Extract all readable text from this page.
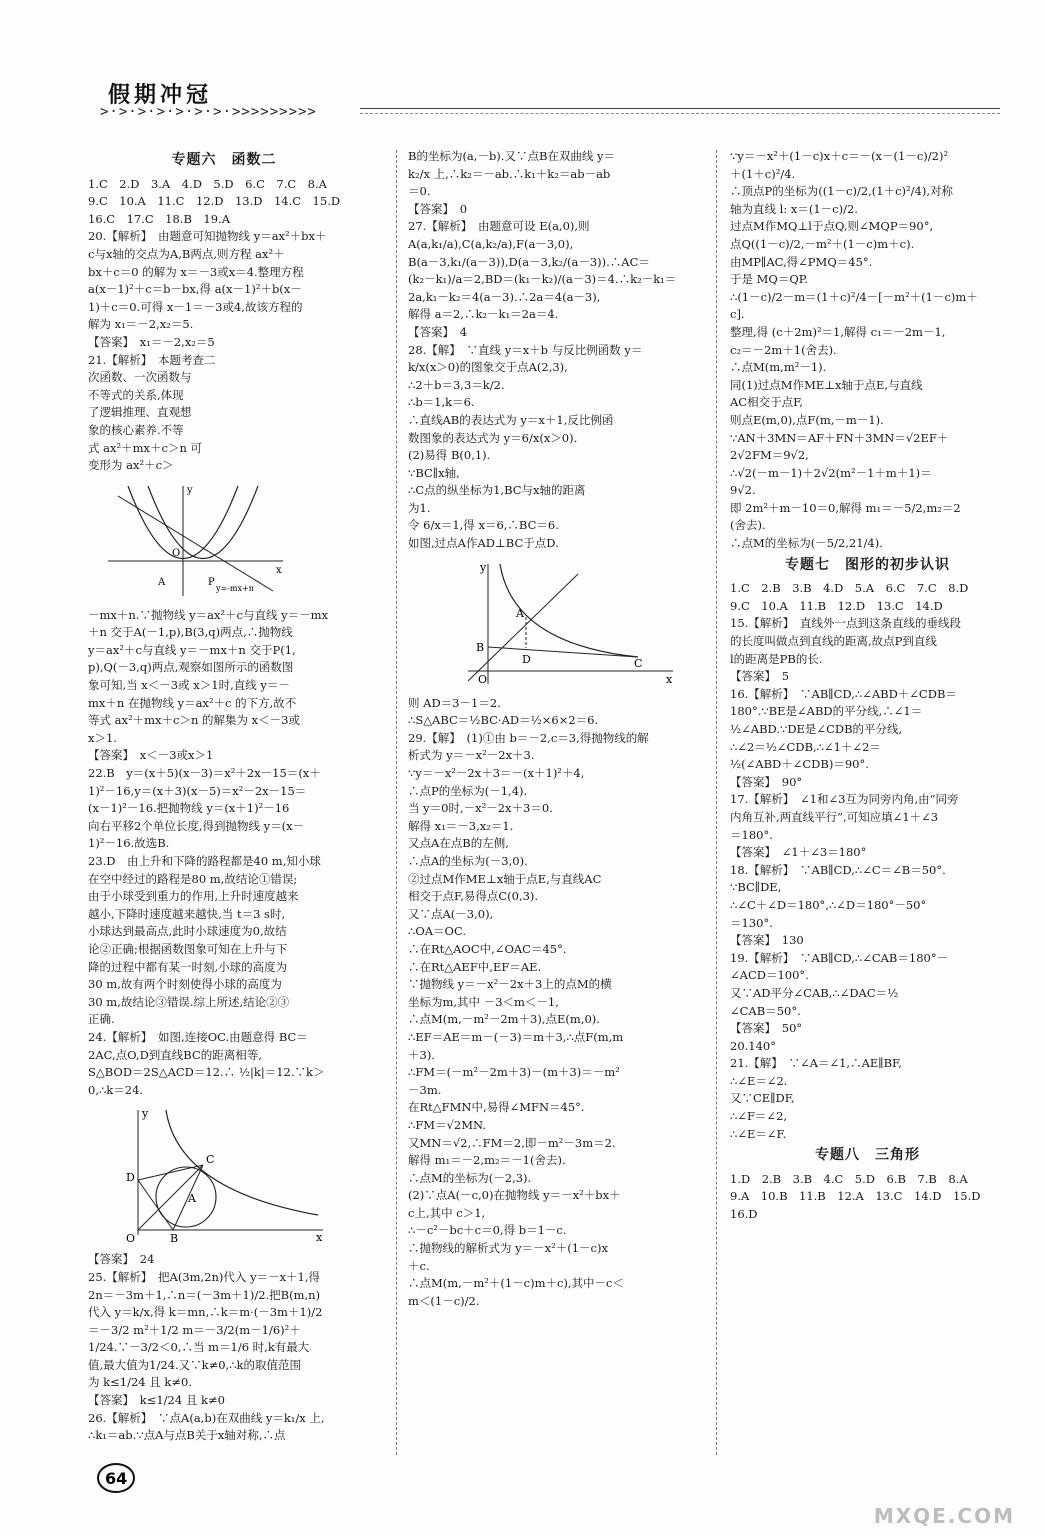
假期冲冠
>·>·>·>·>·>·>·>>>>>>>>>
专题六　函数二

1.C　2.D　3.A　4.D　5.D　6.C　7.C　8.A

9.C　10.A　11.C　12.D　13.D　14.C　15.D

16.C　17.C　18.B　19.A

20.【解析】　由题意可知抛物线 y＝ax²＋bx＋

c与x轴的交点为A,B两点,则方程 ax²＋

bx＋c＝0 的解为 x＝－3或x＝4.整理方程

a(x－1)²＋c＝b－bx,得 a(x－1)²＋b(x－

1)＋c＝0.可得 x－1＝－3或4,故该方程的

解为 x₁＝－2,x₂＝5.

【答案】　x₁＝－2,x₂＝5

21.【解析】　本题考查二

次函数、一次函数与

不等式的关系,体现

了逻辑推理、直观想

象的核心素养.不等

式 ax²＋mx＋c＞n 可

变形为 ax²＋c＞

y
x
O
A	P
y=-mx+n

－mx＋n.∵抛物线 y＝ax²＋c与直线 y＝－mx

＋n 交于A(－1,p),B(3,q)两点,∴抛物线

y＝ax²＋c与直线 y＝－mx＋n 交于P(1,

p),Q(－3,q)两点,观察如图所示的函数图

象可知,当 x＜－3或 x＞1时,直线 y＝－

mx＋n 在抛物线 y＝ax²＋c 的下方,故不

等式 ax²＋mx＋c＞n 的解集为 x＜－3或

x＞1.

【答案】　x＜－3或x＞1

22.B　y＝(x＋5)(x－3)＝x²＋2x－15＝(x＋

1)²－16,y＝(x＋3)(x－5)＝x²－2x－15＝

(x－1)²－16.把抛物线 y＝(x＋1)²－16

向右平移2个单位长度,得到抛物线 y＝(x－

1)²－16.故选B.

23.D　由上升和下降的路程都是40 m,知小球

在空中经过的路程是80 m,故结论①错误;

由于小球受到重力的作用,上升时速度越来

越小,下降时速度越来越快,当 t＝3 s时,

小球达到最高点,此时小球速度为0,故结

论②正确;根据函数图象可知在上升与下

降的过程中都有某一时刻,小球的高度为

30 m,故有两个时刻使得小球的高度为

30 m,故结论③错误.综上所述,结论②③

正确.

24.【解析】　如图,连接OC.由题意得 BC＝

2AC,点O,D到直线BC的距离相等,

S△BOD＝2S△ACD＝12.∴ ½|k|＝12.∵k＞

0,∴k＝24.

y
x
O
D
C
A
B

【答案】　24

25.【解析】　把A(3m,2n)代入 y＝－x＋1,得

2n＝－3m＋1,∴n＝(－3m＋1)/2.把B(m,n)

代入 y＝k/x,得 k＝mn,∴k＝m·(－3m＋1)/2

＝－3/2 m²＋1/2 m＝－3/2(m－1/6)²＋

1/24.∵－3/2＜0,∴当 m＝1/6 时,k有最大

值,最大值为1/24.又∵k≠0,∴k的取值范围

为 k≤1/24 且 k≠0.

【答案】　k≤1/24 且 k≠0

26.【解析】　∵点A(a,b)在双曲线 y＝k₁/x 上,

∴k₁＝ab.∵点A与点B关于x轴对称,∴点

B的坐标为(a,－b).又∵点B在双曲线 y＝

k₂/x 上,∴k₂＝－ab.∴k₁＋k₂＝ab－ab

＝0.

【答案】　0

27.【解析】　由题意可设 E(a,0),则

A(a,k₁/a),C(a,k₂/a),F(a－3,0),

B(a－3,k₁/(a－3)),D(a－3,k₂/(a－3)).∴AC＝

(k₂－k₁)/a＝2,BD＝(k₁－k₂)/(a－3)＝4.∴k₂－k₁＝

2a,k₁－k₂＝4(a－3).∴2a＝4(a－3),

解得 a＝2,∴k₂－k₁＝2a＝4.

【答案】　4

28.【解】　∵直线 y＝x＋b 与反比例函数 y＝

k/x(x＞0)的图象交于点A(2,3),

∴2＋b＝3,3＝k/2.

∴b＝1,k＝6.

∴直线AB的表达式为 y＝x＋1,反比例函

数图象的表达式为 y＝6/x(x＞0).

(2)易得 B(0,1).

∵BC∥x轴,

∴C点的纵坐标为1,BC与x轴的距离

为1.

令 6/x＝1,得 x＝6,∴BC＝6.

如图,过点A作AD⊥BC于点D.

y
x
O
A
B
D	C

则 AD＝3－1＝2.

∴S△ABC＝½BC·AD＝½×6×2＝6.

29.【解】　(1)①由 b＝－2,c＝3,得抛物线的解

析式为 y＝－x²－2x＋3.

∵y＝－x²－2x＋3＝－(x＋1)²＋4,

∴点P的坐标为(－1,4).

当 y＝0时,－x²－2x＋3＝0.

解得 x₁＝－3,x₂＝1.

又点A在点B的左侧,

∴点A的坐标为(－3,0).

②过点M作ME⊥x轴于点E,与直线AC

相交于点F,易得点C(0,3).

又∵点A(－3,0),

∴OA＝OC.

∴在Rt△AOC中,∠OAC＝45°.

∴在Rt△AEF中,EF＝AE.

∵抛物线 y＝－x²－2x＋3上的点M的横

坐标为m,其中 －3＜m＜－1,

∴点M(m,－m²－2m＋3),点E(m,0).

∴EF＝AE＝m－(－3)＝m＋3,∴点F(m,m

＋3).

∴FM＝(－m²－2m＋3)－(m＋3)＝－m²

－3m.

在Rt△FMN中,易得∠MFN＝45°.

∴FM＝√2MN.

又MN＝√2,∴FM＝2,即－m²－3m＝2.

解得 m₁＝－2,m₂＝－1(舍去).

∴点M的坐标为(－2,3).

(2)∵点A(－c,0)在抛物线 y＝－x²＋bx＋

c上,其中 c＞1,

∴－c²－bc＋c＝0,得 b＝1－c.

∴抛物线的解析式为 y＝－x²＋(1－c)x

＋c.

∴点M(m,－m²＋(1－c)m＋c),其中－c＜

m＜(1－c)/2.

∵y＝－x²＋(1－c)x＋c＝－(x－(1－c)/2)²

＋(1＋c)²/4.

∴顶点P的坐标为((1－c)/2,(1＋c)²/4),对称

轴为直线 l: x＝(1－c)/2.

过点M作MQ⊥l于点Q,则∠MQP＝90°,

点Q((1－c)/2,－m²＋(1－c)m＋c).

由MP∥AC,得∠PMQ＝45°.

于是 MQ＝QP.

∴(1－c)/2－m＝(1＋c)²/4－[－m²＋(1－c)m＋

c].

整理,得 (c＋2m)²＝1,解得 c₁＝－2m－1,

c₂＝－2m＋1(舍去).

∴点M(m,m²－1).

同(1)过点M作ME⊥x轴于点E,与直线

AC相交于点F,

则点E(m,0),点F(m,－m－1).

∵AN＋3MN＝AF＋FN＋3MN＝√2EF＋

2√2FM＝9√2,

∴√2(－m－1)＋2√2(m²－1＋m＋1)＝

9√2.

即 2m²＋m－10＝0,解得 m₁＝－5/2,m₂＝2

(舍去).

∴点M的坐标为(－5/2,21/4).

专题七　图形的初步认识

1.C　2.B　3.B　4.D　5.A　6.C　7.C　8.D

9.C　10.A　11.B　12.D　13.C　14.D

15.【解析】　直线外一点到这条直线的垂线段

的长度叫做点到直线的距离,故点P到直线

l的距离是PB的长.

【答案】　5

16.【解析】　∵AB∥CD,∴∠ABD＋∠CDB＝

180°.∵BE是∠ABD的平分线,∴∠1＝

½∠ABD.∵DE是∠CDB的平分线,

∴∠2＝½∠CDB,∴∠1＋∠2＝

½(∠ABD＋∠CDB)＝90°.

【答案】　90°

17.【解析】　∠1和∠3互为同旁内角,由“同旁

内角互补,两直线平行”,可知应填∠1＋∠3

＝180°.

【答案】　∠1＋∠3＝180°

18.【解析】　∵AB∥CD,∴∠C＝∠B＝50°.

∵BC∥DE,

∴∠C＋∠D＝180°,∴∠D＝180°－50°

＝130°.

【答案】　130

19.【解析】　∵AB∥CD,∴∠CAB＝180°－

∠ACD＝100°.

又∵AD平分∠CAB,∴∠DAC＝½

∠CAB＝50°.

【答案】　50°

20.140°

21.【解】　∵∠A＝∠1,∴AE∥BF,

∴∠E＝∠2.

又∵CE∥DF,

∴∠F＝∠2,

∴∠E＝∠F.

专题八　三角形

1.D　2.B　3.B　4.C　5.D　6.B　7.B　8.A

9.A　10.B　11.B　12.A　13.C　14.D　15.D

16.D

64
MXQE.COM
